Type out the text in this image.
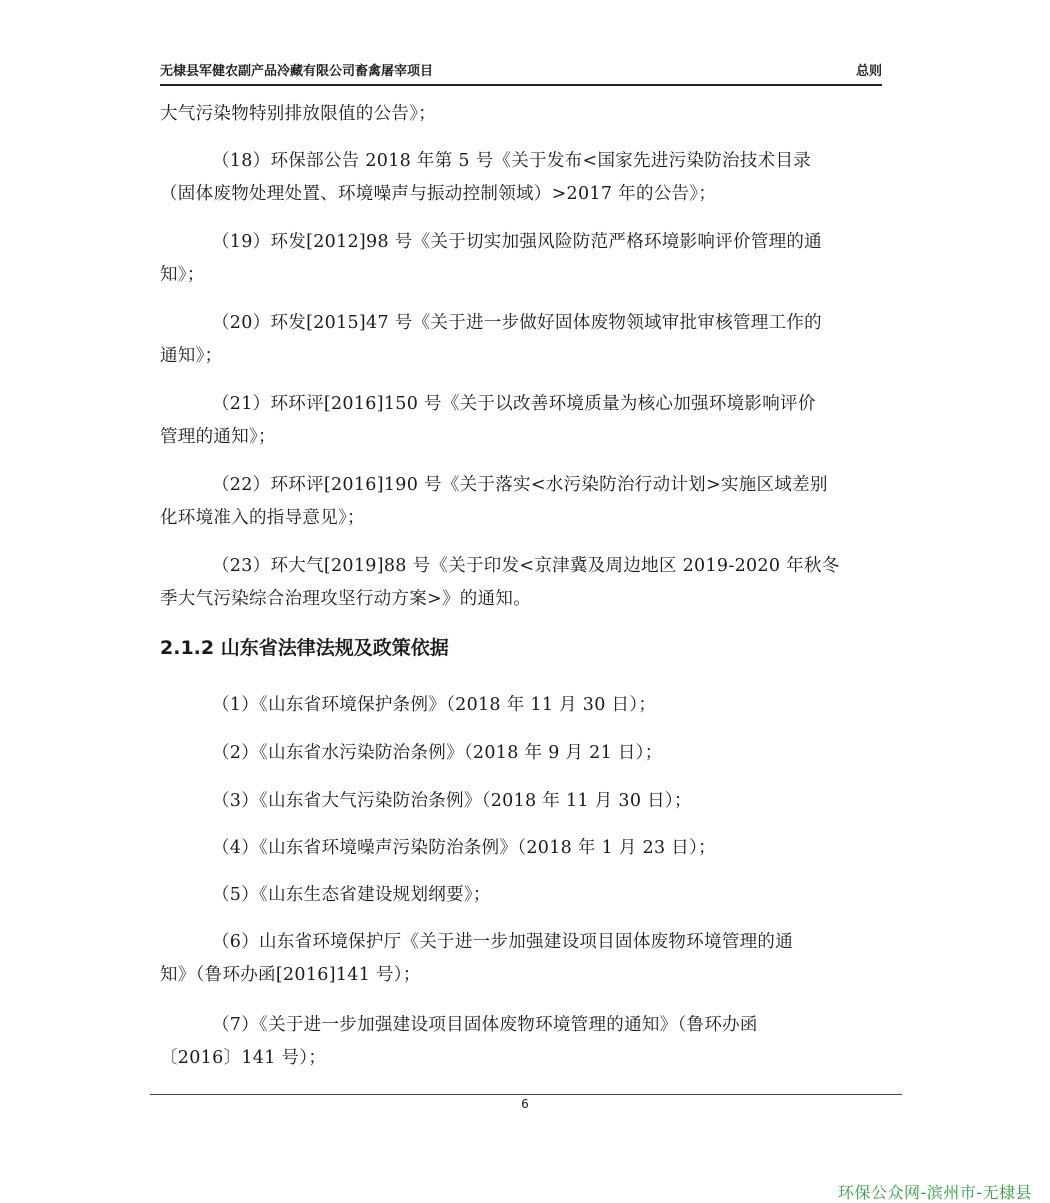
无棣县军健农副产品冷藏有限公司畜禽屠宰项目	总则
大气污染物特别排放限值的公告》；
（18）环保部公告 2018 年第 5 号《关于发布<国家先进污染防治技术目录
（固体废物处理处置、环境噪声与振动控制领域）>2017 年的公告》；
（19）环发[2012]98 号《关于切实加强风险防范严格环境影响评价管理的通
知》；
（20）环发[2015]47 号《关于进一步做好固体废物领域审批审核管理工作的
通知》；
（21）环环评[2016]150 号《关于以改善环境质量为核心加强环境影响评价
管理的通知》；
（22）环环评[2016]190 号《关于落实<水污染防治行动计划>实施区域差别
化环境准入的指导意见》；
（23）环大气[2019]88 号《关于印发<京津冀及周边地区 2019-2020 年秋冬
季大气污染综合治理攻坚行动方案>》的通知。
2.1.2 山东省法律法规及政策依据
（1）《山东省环境保护条例》（2018 年 11 月 30 日）；
（2）《山东省水污染防治条例》（2018 年 9 月 21 日）；
（3）《山东省大气污染防治条例》（2018 年 11 月 30 日）；
（4）《山东省环境噪声污染防治条例》（2018 年 1 月 23 日）；
（5）《山东生态省建设规划纲要》；
（6）山东省环境保护厅《关于进一步加强建设项目固体废物环境管理的通
知》（鲁环办函[2016]141 号）；
（7）《关于进一步加强建设项目固体废物环境管理的通知》（鲁环办函
〔2016〕141 号）；
6
环保公众网-滨州市-无棣县
